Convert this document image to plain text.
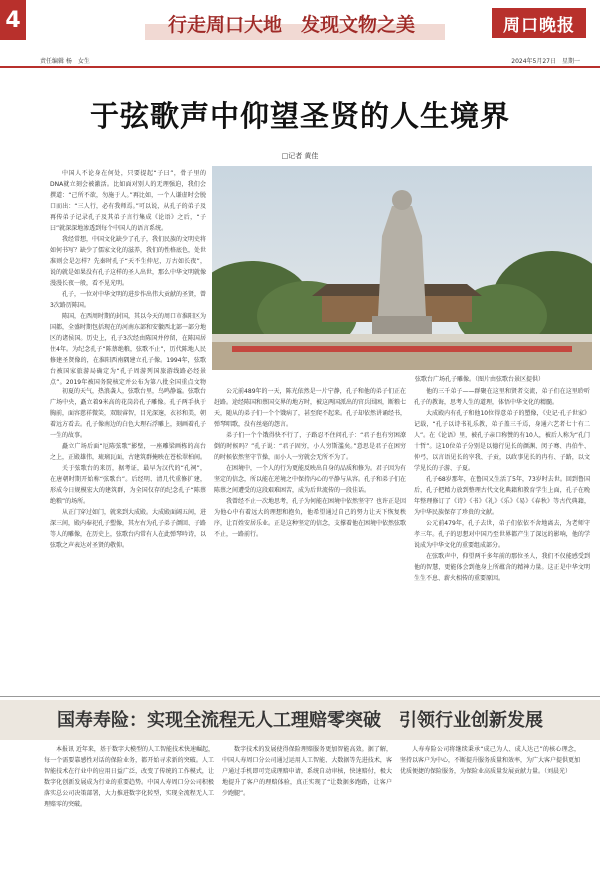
4	行走周口大地　发现文物之美	周口晚报
责任编辑 杨　女生	2024年5月27日　星期一
于弦歌声中仰望圣贤的人生境界
□记者 黄佳
弦歌台广场孔子雕像。（图片由弦歌台景区提供）

中国人不论身在何处，只要提起“子曰”，骨子里的DNA就立刻会被激活。比如面对别人的无理强迫，我们会撰道：“己所不欲，勿施于人。”再比如，一个人谦虚时会脱口而出：“三人行，必有我师焉。”可以说，从孔子的弟子及再传弟子记录孔子及其弟子言行集成《论语》之后，“子曰”就深深地渗透到每个中国人的语言系统。

我经常想，中国文化缺少了孔子，我们民族的文明史将如何书写？缺少了儒家文化的滋养，我们的性格底色，处世准则会是怎样？先秦时孔子“天不生仲尼，万古如长夜”，说的就是如果没有孔子这样的圣人出世，那么中华文明就像漫漫长夜一般，看不见光明。

孔子，一位对中华文明的进步作出伟大贡献的圣贤，曾3次路历陈国。

陈国，在西周时期的封国，其以今天的周口市淮阳区为国都，全盛时期包括现在的河南东部和安徽西北部一部分地区的诸侯国。历史上，孔子3次经由陈国并停留，在陈国居住4年。为纪念孔子“陈蔡绝粮，弦歌不止”，历代陈地人民修建圣贤像的，在淮阳西南隅建立孔子像。1994年，弦歌台被国家旅游局确定为“孔子周游列国旅游线路必经景点”。2019年被国务院核定并公布为第八批全国重点文物

初夏的天气，热浪袭人，弦歌台里，鸟鸣静谧。弦歌台广场中央，矗立着9米高的花岗岩孔子雕像。孔子两手执于胸前，面容慈祥微笑，双眼睿智，目光深邃，衣衫和美，朝着远方看去。孔子像南边的白色大理石浮雕上，刻画着孔子一生的故事。

矗立广场后面“厄陈弦歌”影壁，一座雕梁画栋的高台之上，正殿雄伟，琉璃瓦面，古建筑群掩映在苍松翠柏间。

关于弦歌台的来历，据考证，最早为汉代的“孔祠”，在唐朝时期开始称“弦歌台”。后经明、清几代重修扩建，形成今日规模宏大的建筑群，为全国仅存的纪念孔子“陈蔡绝粮”的场所。

从正门穿过如门，就来到大成殿。大成殿面阔五间，进深三间，殿内奉祀孔子塑像，其左右为孔子弟子颜回、子路等人的雕像，在历史上，弦歌台内常有人在此弹琴吟诗，以弦歌之声表达对圣贤的敬仰。

公元前489年的一天，陈光依然是一片宁静，孔子和他的弟子们正在赶路。途经陈国和蔡国交界的地方时，被这两国派出的官兵围困，断粮七天，随从的弟子们一个个饿病了，甚至爬不起来。孔子却依然讲诵经书，弹琴唱歌，没有丝毫的怨言。

弟子们一个个饿得快不行了，子路忍不住问孔子：“君子也有穷困潦倒的时候吗？”孔子说：“君子固穷，小人穷斯滥矣。”意思是君子在困穷的时候依然坚守节操，而小人一穷就会无所不为了。

在困境中，一个人的行为更能反映出自身的品质和修为。君子因为有坚定的信念，所以能在逆境之中保持内心的平静与从容。孔子和弟子们在陈蔡之间遭受的这段艰难困苦，成为后世流传的一段佳话。

我曾经不止一次地思考，孔子为何能在困境中依然坚守？也许正是因为他心中有着远大的理想和抱负，他希望通过自己的努力让天下恢复秩序，让百姓安居乐业。正是这种坚定的信念，支撑着他在困境中依然弦歌不止，一路前行。

他的三千弟子——群聚在这里和贤者交流，弟子们在这里聆听孔子的教诲，思考人生的道理，体悟中华文化的精髓。

大成殿内有孔子和他10位得意弟子的塑像，《史记·孔子世家》记载，“孔子以诗书礼乐教，弟子盖三千焉，身通六艺者七十有二人”。在《论语》里，被孔子亲口称赞的有10人，被后人称为“孔门十哲”。这10位弟子分别是以德行见长的颜渊、闵子骞、冉伯牛、仲弓，以言语见长的宰我、子贡，以政事见长的冉有、子路，以文学见长的子游、子夏。

孔子68岁那年，在鲁国又生活了5年，73岁时去世。回到鲁国后，孔子把精力放到整理古代文化典籍和教育学生上面，孔子在晚年整理修订了《诗》《书》《礼》《乐》《易》《春秋》等古代典籍，为中华民族保存了珍贵的文献。

公元前479年，孔子去世，弟子们依依不舍地离去，为老师守孝三年。孔子的思想对中国乃至世界都产生了深远的影响，他的学说成为中华文化的重要组成部分。

在弦歌声中，仰望两千多年前的那位圣人，我们不仅能感受到他的智慧，更能体会到他身上所蕴含的精神力量。这正是中华文明生生不息、薪火相传的重要原因。

国寿寿险：实现全流程无人工理赔零突破　引领行业创新发展

本报讯 近年来，基于数字大模型的人工智能技术快速崛起，每一个需要靠感性对话的保险业务，都开始寻求新的突破。人工智能技术在行业中的应用日益广泛，改变了传统的工作模式，让数字化创新发展成为行业的重要趋势。中国人寿周口分公司积极落实总公司决策部署，大力推进数字化转型，实现全流程无人工理赔零的突破。

数字技术的发展使得保险理赔服务更加智能高效。据了解，中国人寿周口分公司通过运用人工智能、大数据等先进技术，客户通过手机即可完成理赔申请，系统自动审核，快速赔付，极大地提升了客户的理赔体验，真正实现了“让数据多跑路，让客户少跑腿”。

人寿寿险公司将继续秉承“成己为人、成人达己”的核心理念，坚持以客户为中心，不断提升服务质量和效率，为广大客户提供更加优质便捷的保险服务，为保险业高质量发展贡献力量。（刘晨光）
